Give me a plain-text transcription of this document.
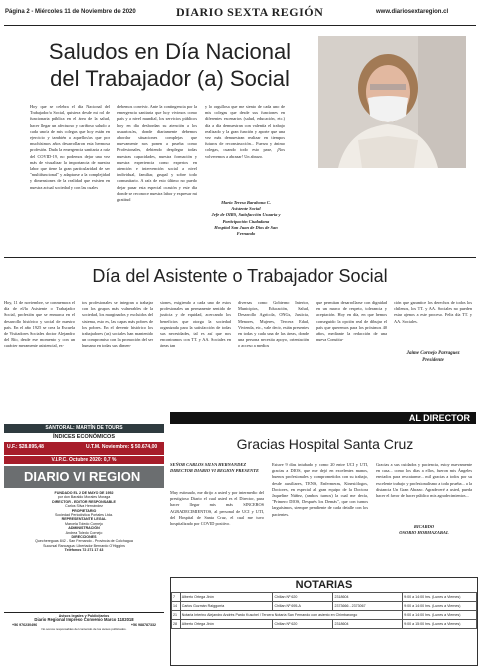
Página 2 - Miércoles 11 de Noviembre de 2020	DIARIO SEXTA REGIÓN	www.diariosextaregion.cl
Saludos en Día Nacional
del Trabajador (a) Social
Hoy que se celebra el día Nacional del Trabajador/a Social, quisiera desde mi rol de funcionaria pública en el área de la salud, hacer llegar un afectuoso y cariñoso saludo a cada uno/a de mis colegas que hoy están en ejercicio y también a aquellos/as que por muchísimos años desarrollaron esta hermosa profesión. Dada la emergencia sanitaria a raíz del COVID-19, no podemos dejar una vez más de visualizar la importancia de nuestra labor que tiene la gran particularidad de ser "multifuncional" y adaptarse a la complejidad y dimensiones de la realidad que existen en nuestra actual sociedad y con las cuales
debemos convivir. Ante la contingencia por la emergencia sanitaria que hoy vivimos como país y a nivel mundial, los servicios públicos hoy en día desbordan su atención a los usuarios/as, donde diariamente debemos abordar situaciones complejas que nuevamente nos ponen a prueba como Profesionales, debiendo desplegar todas nuestras capacidades, nuestra formación y nuestra experiencia como expertos en atención e intervención social a nivel individual, familiar, grupal y sobre todo comunitario. A raíz de esto último no puedo dejar pasar esta especial ocasión y este día donde se reconoce nuestra labor y expresar mi gratitud
y lo orgullosa que me siento de cada uno de mis colegas que desde sus funciones en diferentes escenarios (salud, educación, etc.) día a día demuestran con valentía el trabajo realizado y la gran función y aporte que una vez más demuestran realizar en tiempos futuros de reconstrucción... Fuerza y ánimo colegas, cuando todo esto pase, ¡Nos volveremos a abrazar! Un abrazo.
María Teresa Barahona C.
Asistente Social
Jefe de OIRS, Satisfacción Usuaria y Participación Ciudadana
Hospital San Juan de Dios de San Fernando
Día del Asistente o Trabajador Social
Hoy, 11 de noviembre, se conmemora el día de el/la Asistente o Trabajador Social, profesión que se enmarca en el desarrollo histórico y social de nuestro país. En el año 1925 se crea la Escuela de Visitadores Sociales doctor Alejandro del Río, desde ese momento y con un carácter meramente asistencial, es-
tos profesionales se integran a trabajar con los grupos más vulnerables de la sociedad, los marginados y excluidos del sistema, esto es, las capas más pobres de los pobres. En el devenir histórico los trabajadores (as) sociales han mantenido un compromiso con la promoción del ser humano en todas sus dimen-
siones, exigiendo a cada uno de estos profesionales un permanente sentido de justicia y de equidad, acercando los beneficios que otorga la sociedad organizada para la satisfacción de todas sus necesidades, tal es así que nos encontramos con TT. y AA. Sociales en áreas tan
diversas como Gobierno Interior, Municipios, Educación, Salud, Desarrollo Agrícola, ONGs, Justicia, Menores, Mujeres, Tercera Edad, Vivienda, etc., vale decir, están presentes en todas y cada una de las áreas, donde una persona necesita apoyo, orientación o acceso a medios
que permitan desarrollarse con dignidad en un marco de respeto, tolerancia y aceptación. Hoy en día, en que hemos conseguido la opción real de dibujar el país que queremos para los próximos 40 años, mediante la redacción de una nueva Constitu-
ción que garantice los derechos de todos los chilenos, los TT. y AA. Sociales no pueden estar ajenos a este proceso. Feliz día TT. y AA. Sociales.
Jaime Cornejo Parraguez
Presidente
SANTORAL: MARTÍN DE TOURS
ÍNDICES ECONÓMICOS
U.F.: $28.895,48	U.T.M. Noviembre: $ 50.674,00
V.I.P.C. Octubre 2020: 0,7 %
DIARIO VI REGION
FUNDADO EL 2 DE MAYO DE 1952
por don Baraldo Morales Moraga
DIRECTOR - EDITOR RESPONSABLE
Carlos Silva Hernández
PROPIETARIO
Sociedad Periodística Portales Ltda.
REPRESENTANTE LEGAL
Marcela Toledo Cornejo
ADMINISTRACIÓN
Andrea Toledo Cornejo
DIRECCIONES
Quechereguas 842 - San Fernando - Provincia de Colchagua
Sucursal Rancagua: Libertador Bernardo O'Higgins
Teléfonos 72 271 17 43
Avisos legales y Publicitarios
Diario Regional Impreso Convenio Marco 1102018
+56 976230496	+56 988787332
No somos responsables del contenido de los avisos publicados.
AL DIRECTOR
Gracias Hospital Santa Cruz
SEÑOR CARLOS SILVA HERNANDEZ DIRECTOR DIARIO VI REGION PRESENTE
Muy estimado, me dirijo a usted y por intermedio del prestigioso Diario el cual usted es el Director, para hacer llegar mis más SINCEROS AGRADECIMIENTOS, al personal de UCI y UTI, del Hospital de Santa Cruz, el cual me tuvo hospitalizado por COVID positivo.
Estuve 9 días intubado y como 20 entre UCI y UTI, gracias a DIOS, que me dejó en excelentes manos, buenos profesionales y comprometidos con su trabajo, desde auxiliares, TENS, Enfermeras, Kinesiólogos, Doctores, en especial al gran equipo de la Doctora Jaqueline Núñez, (ambos turnos) la cual me decía, "Primero DIOS, Después los Demás", que con turnos larguísimos, siempre pendiente de cada detalle con los pacientes.
Gracias a sus cuidados y paciencia, estoy nuevamente en casa... como los días a ellos, fueron mis Ángeles enviados para rescatarme... mil gracias a todos por su excelente trabajo y profesionalismo a toda prueba... a la distancia Un Gran Abrazo. Agradeceré a usted, pueda hacer el favor de hacer público mis agradecimientos...
RICARDO
OSORIO HORMAZABAL
NOTARIAS
7	Alberto Ortega Jirón	Chillan Nº 620	2318604	9:00 a 14:00 hrs. (Lunes a Viernes)
14	Carlos Guzmán Raiggorria	Chillan Nº 695-A	2373666 - 2373067	9:00 a 14:00 hrs. (Lunes a Viernes)
21	Notaria Interino Alejandro Andrés Pardo Kuschel / Tercera Notaría San Fernando con asiento en Chimbarongo			9:00 a 14:00 hrs. (Lunes a Viernes)
28	Alberto Ortega Jirón	Chillan Nº 620	2318604	9:00 a 15:00 hrs. (Lunes a Viernes)
